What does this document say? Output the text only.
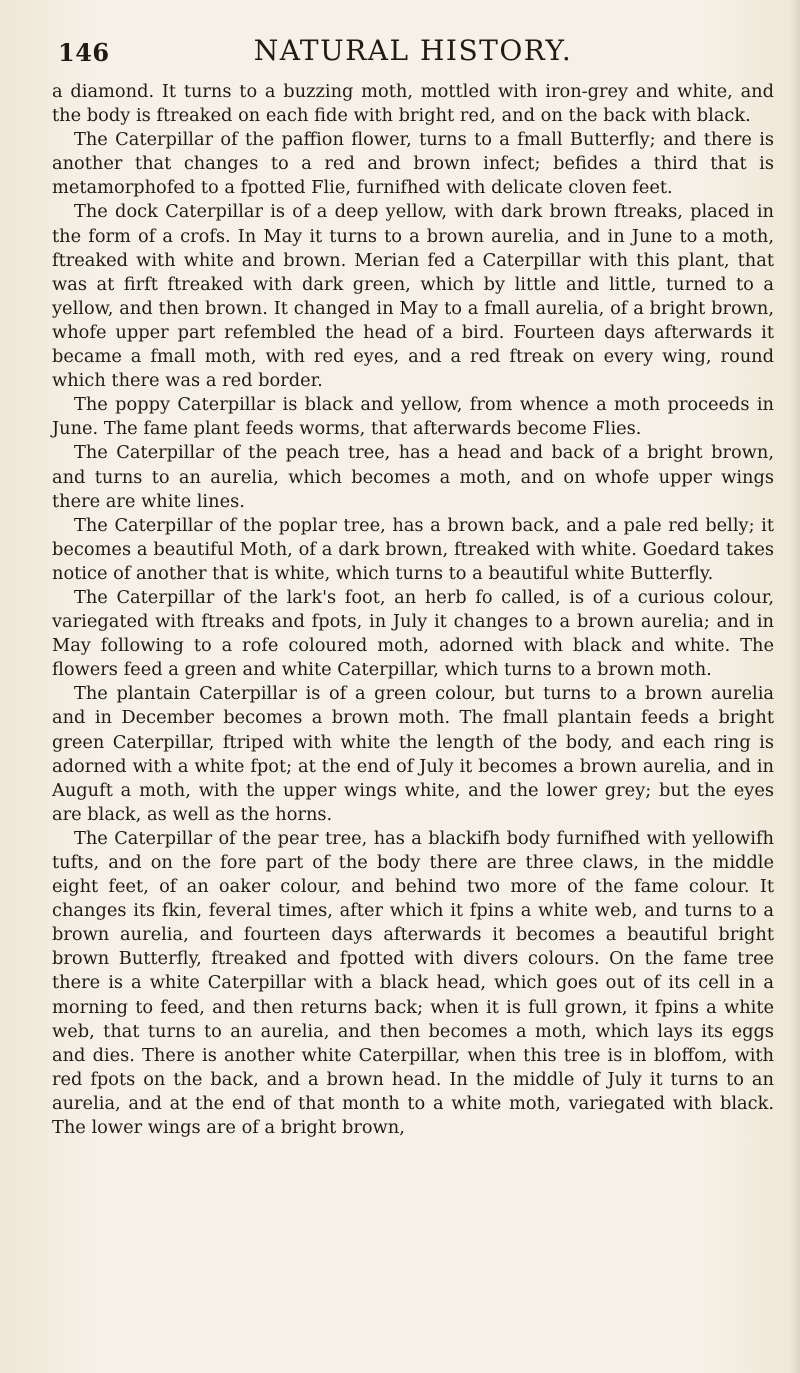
146	NATURAL HISTORY.

a diamond. It turns to a buzzing moth, mottled with iron-grey and white, and the body is ftreaked on each fide with bright red, and on the back with black.

The Caterpillar of the paffion flower, turns to a fmall Butterfly; and there is another that changes to a red and brown infect; befides a third that is metamorphofed to a fpotted Flie, furnifhed with delicate cloven feet.

The dock Caterpillar is of a deep yellow, with dark brown ftreaks, placed in the form of a crofs. In May it turns to a brown aurelia, and in June to a moth, ftreaked with white and brown. Merian fed a Caterpillar with this plant, that was at firft ftreaked with dark green, which by little and little, turned to a yellow, and then brown. It changed in May to a fmall aurelia, of a bright brown, whofe upper part refembled the head of a bird. Fourteen days afterwards it became a fmall moth, with red eyes, and a red ftreak on every wing, round which there was a red border.

The poppy Caterpillar is black and yellow, from whence a moth proceeds in June. The fame plant feeds worms, that afterwards become Flies.

The Caterpillar of the peach tree, has a head and back of a bright brown, and turns to an aurelia, which becomes a moth, and on whofe upper wings there are white lines.

The Caterpillar of the poplar tree, has a brown back, and a pale red belly; it becomes a beautiful Moth, of a dark brown, ftreaked with white. Goedard takes notice of another that is white, which turns to a beautiful white Butterfly.

The Caterpillar of the lark's foot, an herb fo called, is of a curious colour, variegated with ftreaks and fpots, in July it changes to a brown aurelia; and in May following to a rofe coloured moth, adorned with black and white. The flowers feed a green and white Caterpillar, which turns to a brown moth.

The plantain Caterpillar is of a green colour, but turns to a brown aurelia and in December becomes a brown moth. The fmall plantain feeds a bright green Caterpillar, ftriped with white the length of the body, and each ring is adorned with a white fpot; at the end of July it becomes a brown aurelia, and in Auguft a moth, with the upper wings white, and the lower grey; but the eyes are black, as well as the horns.

The Caterpillar of the pear tree, has a blackifh body furnifhed with yellowifh tufts, and on the fore part of the body there are three claws, in the middle eight feet, of an oaker colour, and behind two more of the fame colour. It changes its fkin, feveral times, after which it fpins a white web, and turns to a brown aurelia, and fourteen days afterwards it becomes a beautiful bright brown Butterfly, ftreaked and fpotted with divers colours. On the fame tree there is a white Caterpillar with a black head, which goes out of its cell in a morning to feed, and then returns back; when it is full grown, it fpins a white web, that turns to an aurelia, and then becomes a moth, which lays its eggs and dies. There is another white Caterpillar, when this tree is in bloffom, with red fpots on the back, and a brown head. In the middle of July it turns to an aurelia, and at the end of that month to a white moth, variegated with black. The lower wings are of a bright brown,
